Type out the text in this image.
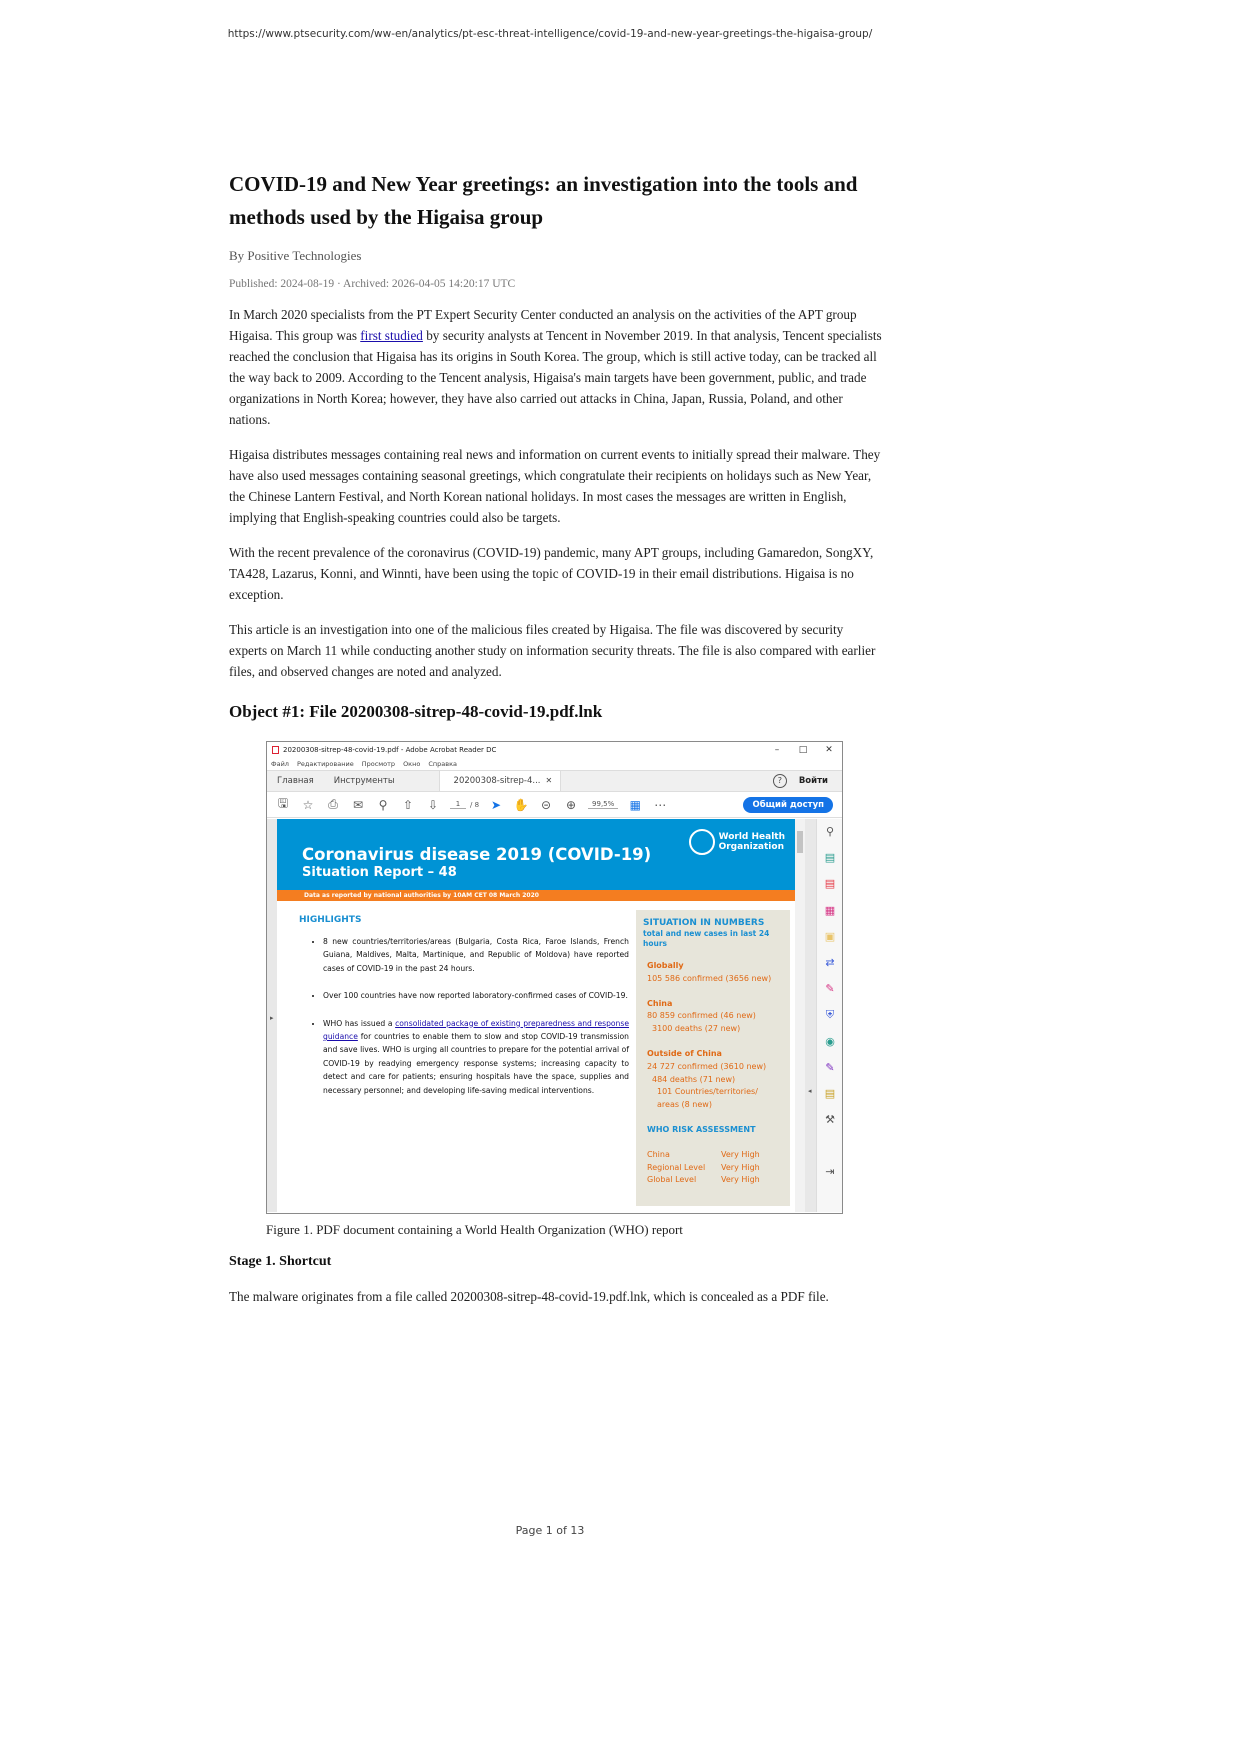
https://www.ptsecurity.com/ww-en/analytics/pt-esc-threat-intelligence/covid-19-and-new-year-greetings-the-higaisa-group/
COVID-19 and New Year greetings: an investigation into the tools and methods used by the Higaisa group
By Positive Technologies
Published: 2024-08-19 · Archived: 2026-04-05 14:20:17 UTC

In March 2020 specialists from the PT Expert Security Center conducted an analysis on the activities of the APT group Higaisa. This group was first studied by security analysts at Tencent in November 2019. In that analysis, Tencent specialists reached the conclusion that Higaisa has its origins in South Korea. The group, which is still active today, can be tracked all the way back to 2009. According to the Tencent analysis, Higaisa's main targets have been government, public, and trade organizations in North Korea; however, they have also carried out attacks in China, Japan, Russia, Poland, and other nations.

Higaisa distributes messages containing real news and information on current events to initially spread their malware. They have also used messages containing seasonal greetings, which congratulate their recipients on holidays such as New Year, the Chinese Lantern Festival, and North Korean national holidays. In most cases the messages are written in English, implying that English-speaking countries could also be targets.

With the recent prevalence of the coronavirus (COVID-19) pandemic, many APT groups, including Gamaredon, SongXY, TA428, Lazarus, Konni, and Winnti, have been using the topic of COVID-19 in their email distributions. Higaisa is no exception.

This article is an investigation into one of the malicious files created by Higaisa. The file was discovered by security experts on March 11 while conducting another study on information security threats. The file is also compared with earlier files, and observed changes are noted and analyzed.

Object #1: File 20200308-sitrep-48-covid-19.pdf.lnk
20200308-sitrep-48-covid-19.pdf - Adobe Acrobat Reader DC	–	□	✕
Файл Редактирование Просмотр Окно Справка
Главная	Инструменты	20200308-sitrep-4... ✕	?	Войти
🖫 ☆ ⎙ ✉ ⚲	⇧ ⇩	1	/ 8 ➤ ✋ ⊝ ⊕	99,5%	▦ ⋯	Общий доступ
▸
World Health
Organization
Coronavirus disease 2019 (COVID-19)
Situation Report – 48
Data as reported by national authorities by 10AM CET 08 March 2020
HIGHLIGHTS
• 8 new countries/territories/areas (Bulgaria, Costa Rica, Faroe Islands, French Guiana, Maldives, Malta, Martinique, and Republic of Moldova) have reported cases of COVID-19 in the past 24 hours.
• Over 100 countries have now reported laboratory-confirmed cases of COVID-19.
• WHO has issued a consolidated package of existing preparedness and response guidance for countries to enable them to slow and stop COVID-19 transmission and save lives. WHO is urging all countries to prepare for the potential arrival of COVID-19 by readying emergency response systems; increasing capacity to detect and care for patients; ensuring hospitals have the space, supplies and necessary personnel; and developing life-saving medical interventions.
SITUATION IN NUMBERS
total and new cases in last 24 hours
Globally
105 586 confirmed (3656 new)
China
80 859 confirmed (46 new)
3100 deaths (27 new)
Outside of China
24 727 confirmed (3610 new)
484 deaths (71 new)
101 Countries/territories/
areas (8 new)
WHO RISK ASSESSMENT
China	Very High
Regional Level	Very High
Global Level	Very High
◂
⚲
▤
▤
▦
▣
⇄
✎
⛨
◉
✎
▤
⚒
⇥
Figure 1. PDF document containing a World Health Organization (WHO) report
Stage 1. Shortcut

The malware originates from a file called 20200308-sitrep-48-covid-19.pdf.lnk, which is concealed as a PDF file.

Page 1 of 13
